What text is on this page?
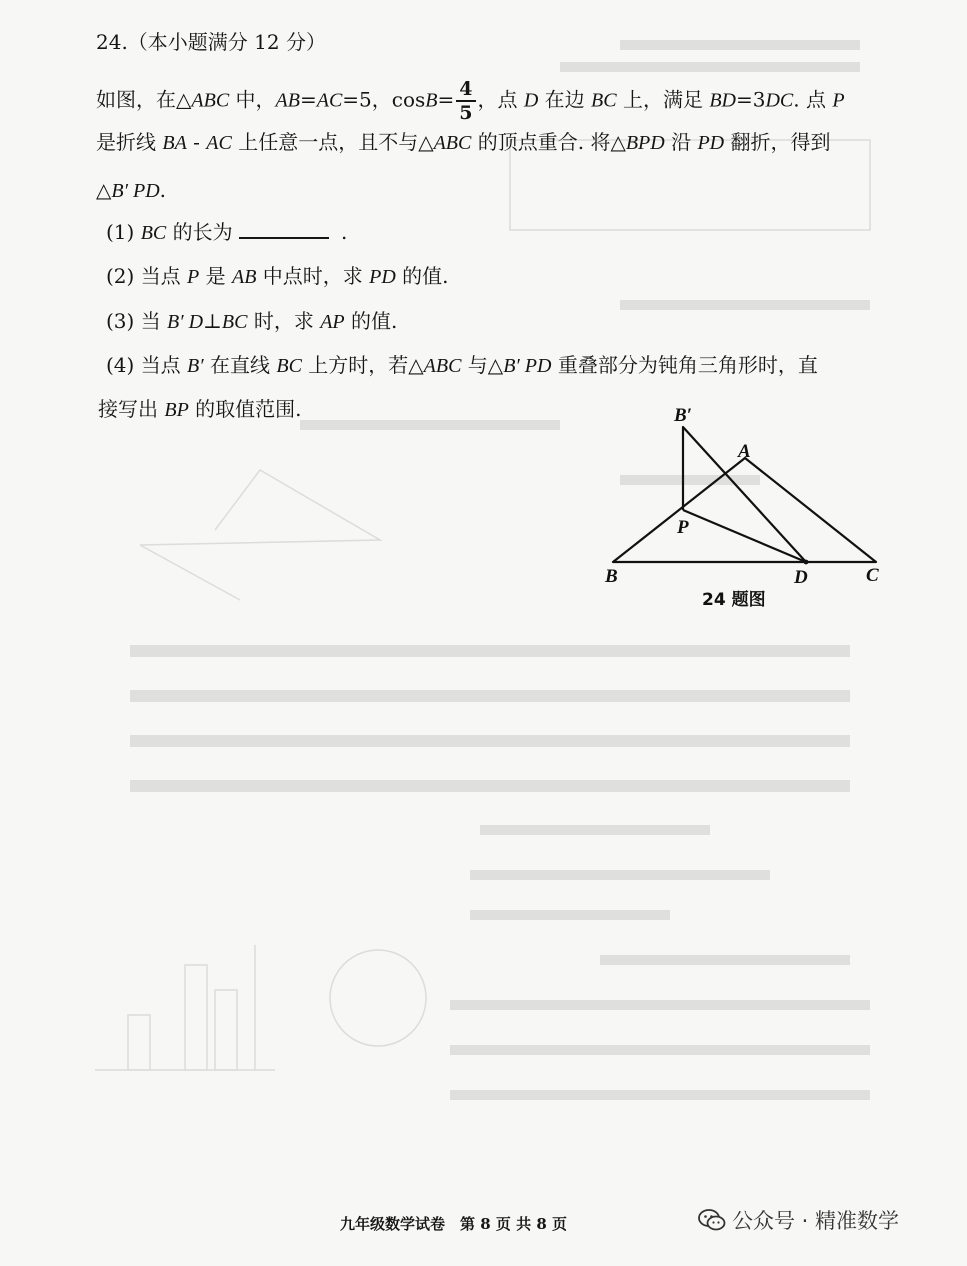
24.（本小题满分 12 分）
如图，在△ABC 中，AB=AC=5，$\cos B= \frac{4}{5}$ ，点 D 在边 BC 上，满足 BD=3DC. 点 P
是折线 BA - AC 上任意一点，且不与△ABC 的顶点重合. 将△BPD 沿 PD 翻折，得到
△B′ PD.
(1) BC 的长为	.
(2) 当点 P 是 AB 中点时，求 PD 的值.
(3) 当 B′ D⊥BC 时，求 AP 的值.
(4) 当点 B′ 在直线 BC 上方时，若△ABC 与△B′ PD 重叠部分为钝角三角形时，直
接写出 BP 的取值范围.	B′
A
P
B	D	C
24 题图
九年级数学试卷　第 8 页 共 8 页	公众号 · 精准数学
